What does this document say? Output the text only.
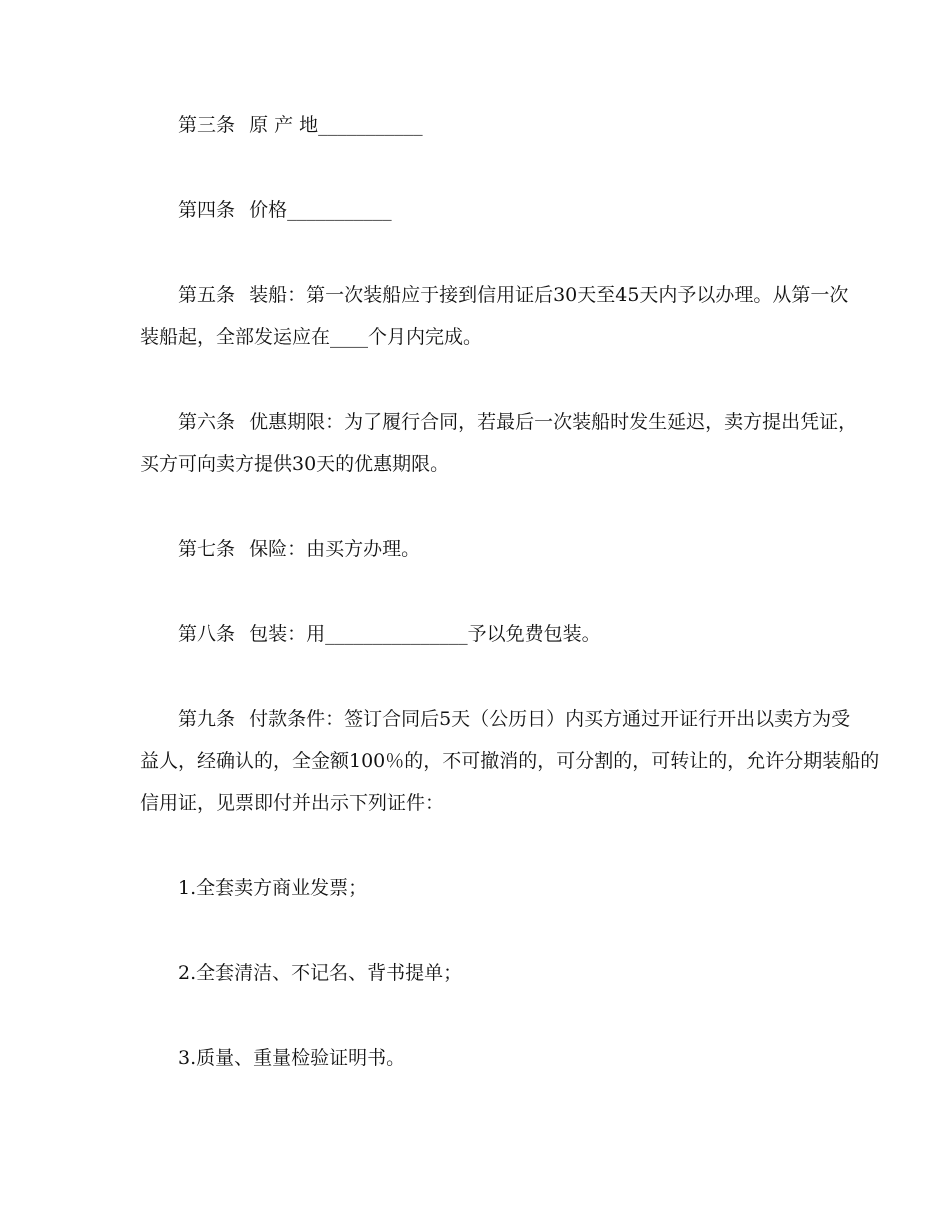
第三条 原 产 地___________
第四条 价格___________
第五条 装船：第一次装船应于接到信用证后30天至45天内予以办理。从第一次
装船起，全部发运应在____个月内完成。
第六条 优惠期限：为了履行合同，若最后一次装船时发生延迟，卖方提出凭证，
买方可向卖方提供30天的优惠期限。
第七条 保险：由买方办理。
第八条 包装：用_______________予以免费包装。
第九条 付款条件：签订合同后5天（公历日）内买方通过开证行开出以卖方为受
益人，经确认的，全金额100％的，不可撤消的，可分割的，可转让的，允许分期装船的
信用证，见票即付并出示下列证件：
1.全套卖方商业发票；
2.全套清洁、不记名、背书提单；
3.质量、重量检验证明书。
